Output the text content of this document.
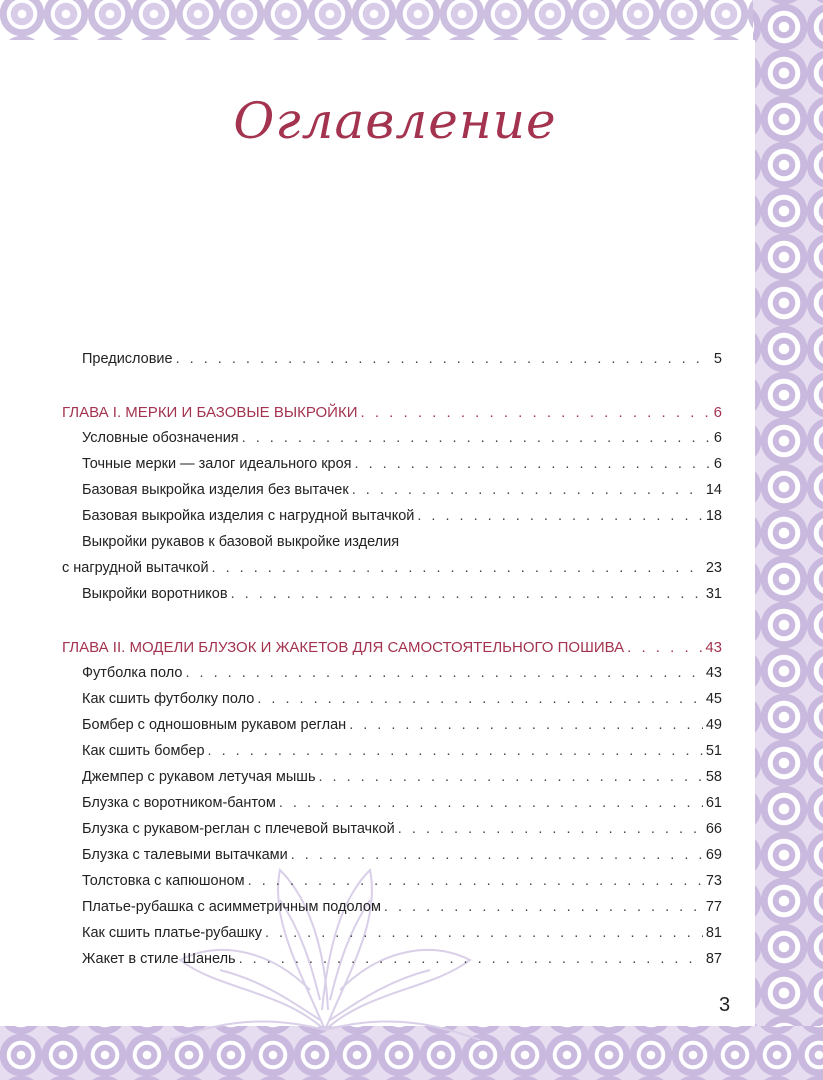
Оглавление
Предисловие . . .	5
ГЛАВА I. МЕРКИ И БАЗОВЫЕ ВЫКРОЙКИ . . .	6
Условные обозначения . . .	6
Точные мерки — залог идеального кроя . . .	6
Базовая выкройка изделия без вытачек . . .	14
Базовая выкройка изделия с нагрудной вытачкой . . .	18
Выкройки рукавов к базовой выкройке изделия
с нагрудной вытачкой . . .	23
Выкройки воротников . . .	31
ГЛАВА II. МОДЕЛИ БЛУЗОК И ЖАКЕТОВ ДЛЯ САМОСТОЯТЕЛЬНОГО ПОШИВА . . .	43
Футболка поло . . .	43
Как сшить футболку поло . . .	45
Бомбер с одношовным рукавом реглан . . .	49
Как сшить бомбер . . .	51
Джемпер с рукавом летучая мышь . . .	58
Блузка с воротником-бантом . . .	61
Блузка с рукавом-реглан с плечевой вытачкой . . .	66
Блузка с талевыми вытачками . . .	69
Толстовка с капюшоном . . .	73
Платье-рубашка с асимметричным подолом . . .	77
Как сшить платье-рубашку . . .	81
Жакет в стиле Шанель . . .	87
3
